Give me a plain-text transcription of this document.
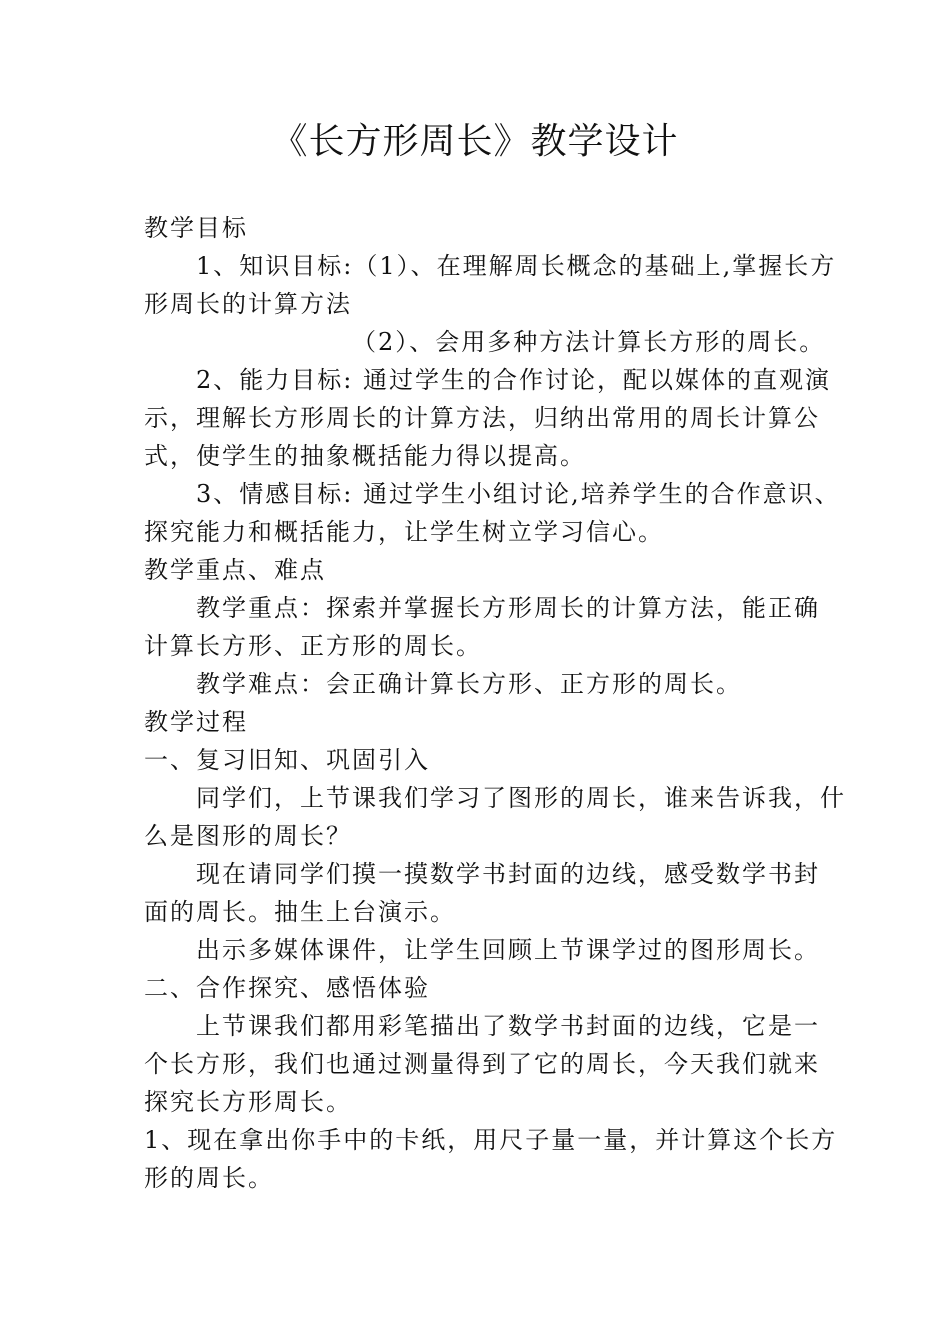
《长方形周长》教学设计
教学目标
1、知识目标:（1）、在理解周长概念的基础上,掌握长方
形周长的计算方法
（2）、会用多种方法计算长方形的周长。
2、能力目标: 通过学生的合作讨论，配以媒体的直观演
示，理解长方形周长的计算方法，归纳出常用的周长计算公
式，使学生的抽象概括能力得以提高。
3、情感目标: 通过学生小组讨论,培养学生的合作意识、
探究能力和概括能力，让学生树立学习信心。
教学重点、难点
教学重点：探索并掌握长方形周长的计算方法，能正确
计算长方形、正方形的周长。
教学难点：会正确计算长方形、正方形的周长。
教学过程
一、复习旧知、巩固引入
同学们，上节课我们学习了图形的周长，谁来告诉我，什
么是图形的周长？
现在请同学们摸一摸数学书封面的边线，感受数学书封
面的周长。抽生上台演示。
出示多媒体课件，让学生回顾上节课学过的图形周长。
二、合作探究、感悟体验
上节课我们都用彩笔描出了数学书封面的边线，它是一
个长方形，我们也通过测量得到了它的周长，今天我们就来
探究长方形周长。
1、现在拿出你手中的卡纸，用尺子量一量，并计算这个长方
形的周长。
